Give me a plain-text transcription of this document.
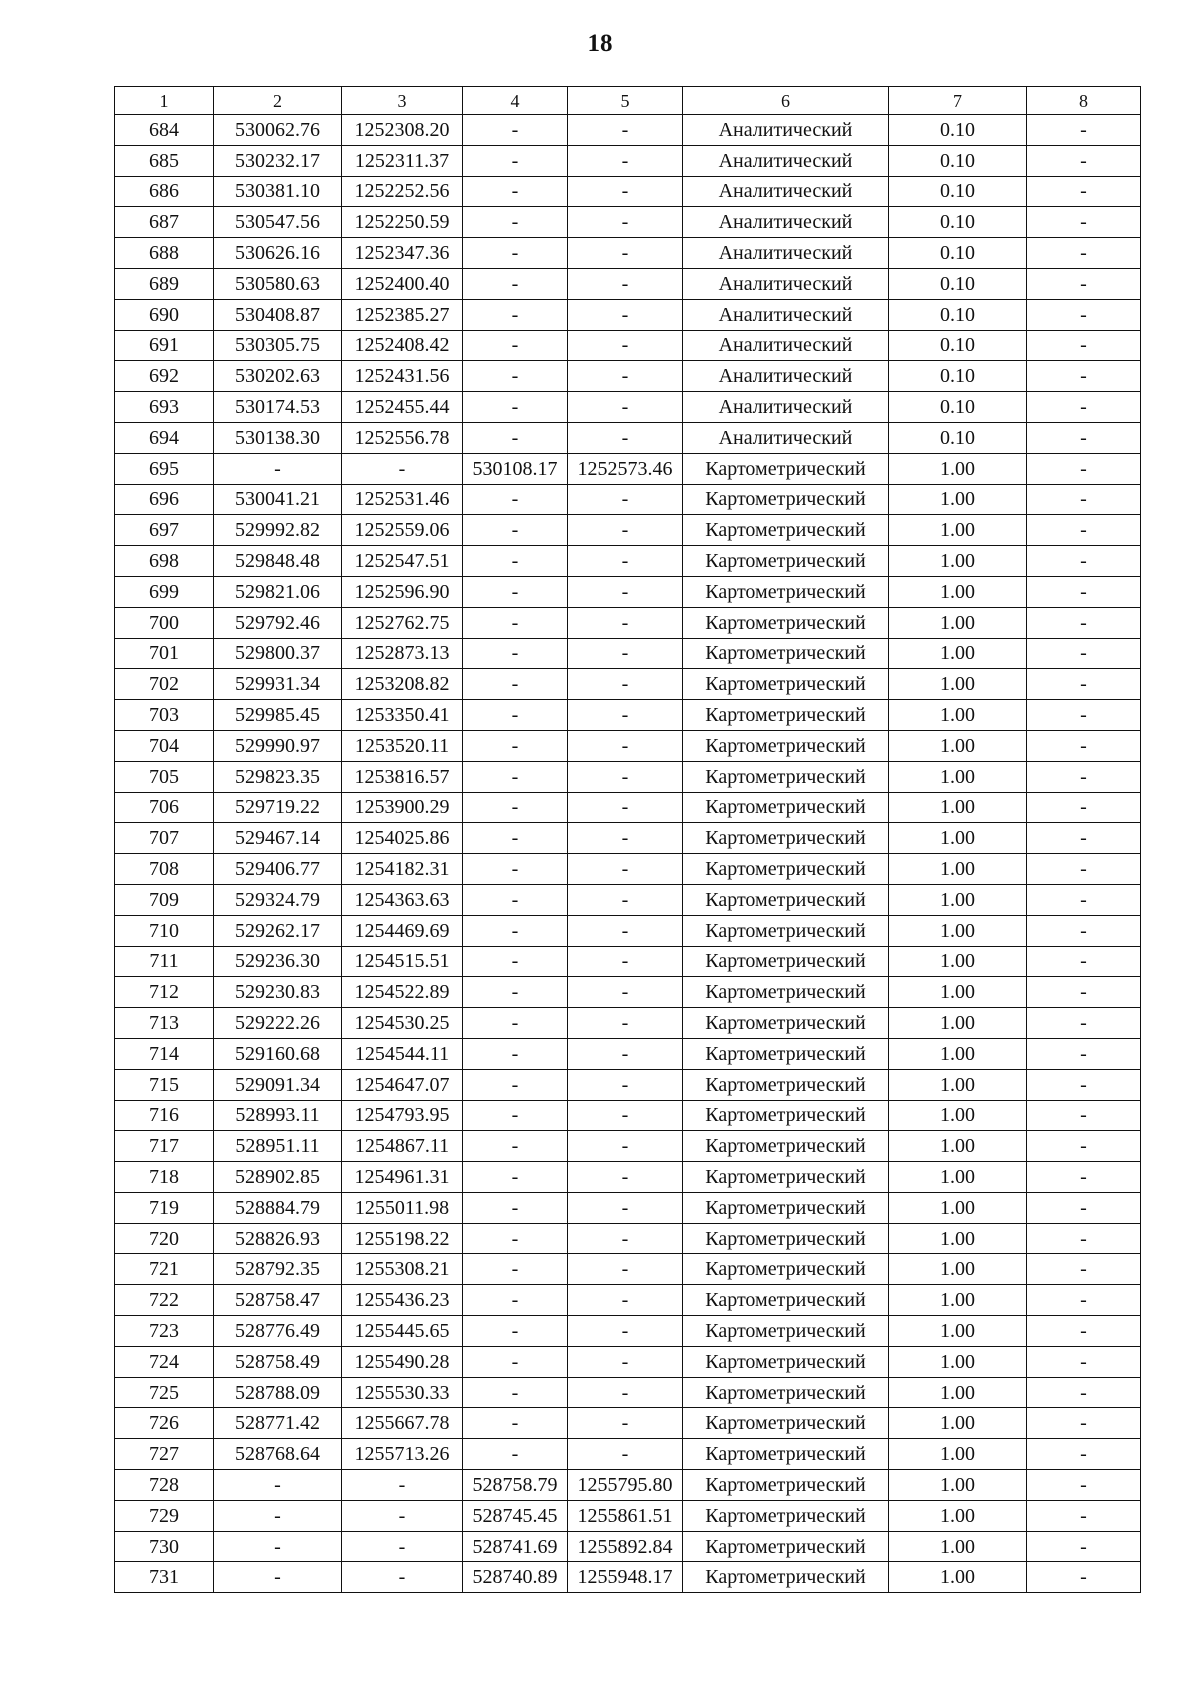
18
1	2	3	4	5	6	7	8
684	530062.76	1252308.20	-	-	Аналитический	0.10	-
685	530232.17	1252311.37	-	-	Аналитический	0.10	-
686	530381.10	1252252.56	-	-	Аналитический	0.10	-
687	530547.56	1252250.59	-	-	Аналитический	0.10	-
688	530626.16	1252347.36	-	-	Аналитический	0.10	-
689	530580.63	1252400.40	-	-	Аналитический	0.10	-
690	530408.87	1252385.27	-	-	Аналитический	0.10	-
691	530305.75	1252408.42	-	-	Аналитический	0.10	-
692	530202.63	1252431.56	-	-	Аналитический	0.10	-
693	530174.53	1252455.44	-	-	Аналитический	0.10	-
694	530138.30	1252556.78	-	-	Аналитический	0.10	-
695	-	-	530108.17	1252573.46	Картометрический	1.00	-
696	530041.21	1252531.46	-	-	Картометрический	1.00	-
697	529992.82	1252559.06	-	-	Картометрический	1.00	-
698	529848.48	1252547.51	-	-	Картометрический	1.00	-
699	529821.06	1252596.90	-	-	Картометрический	1.00	-
700	529792.46	1252762.75	-	-	Картометрический	1.00	-
701	529800.37	1252873.13	-	-	Картометрический	1.00	-
702	529931.34	1253208.82	-	-	Картометрический	1.00	-
703	529985.45	1253350.41	-	-	Картометрический	1.00	-
704	529990.97	1253520.11	-	-	Картометрический	1.00	-
705	529823.35	1253816.57	-	-	Картометрический	1.00	-
706	529719.22	1253900.29	-	-	Картометрический	1.00	-
707	529467.14	1254025.86	-	-	Картометрический	1.00	-
708	529406.77	1254182.31	-	-	Картометрический	1.00	-
709	529324.79	1254363.63	-	-	Картометрический	1.00	-
710	529262.17	1254469.69	-	-	Картометрический	1.00	-
711	529236.30	1254515.51	-	-	Картометрический	1.00	-
712	529230.83	1254522.89	-	-	Картометрический	1.00	-
713	529222.26	1254530.25	-	-	Картометрический	1.00	-
714	529160.68	1254544.11	-	-	Картометрический	1.00	-
715	529091.34	1254647.07	-	-	Картометрический	1.00	-
716	528993.11	1254793.95	-	-	Картометрический	1.00	-
717	528951.11	1254867.11	-	-	Картометрический	1.00	-
718	528902.85	1254961.31	-	-	Картометрический	1.00	-
719	528884.79	1255011.98	-	-	Картометрический	1.00	-
720	528826.93	1255198.22	-	-	Картометрический	1.00	-
721	528792.35	1255308.21	-	-	Картометрический	1.00	-
722	528758.47	1255436.23	-	-	Картометрический	1.00	-
723	528776.49	1255445.65	-	-	Картометрический	1.00	-
724	528758.49	1255490.28	-	-	Картометрический	1.00	-
725	528788.09	1255530.33	-	-	Картометрический	1.00	-
726	528771.42	1255667.78	-	-	Картометрический	1.00	-
727	528768.64	1255713.26	-	-	Картометрический	1.00	-
728	-	-	528758.79	1255795.80	Картометрический	1.00	-
729	-	-	528745.45	1255861.51	Картометрический	1.00	-
730	-	-	528741.69	1255892.84	Картометрический	1.00	-
731	-	-	528740.89	1255948.17	Картометрический	1.00	-
